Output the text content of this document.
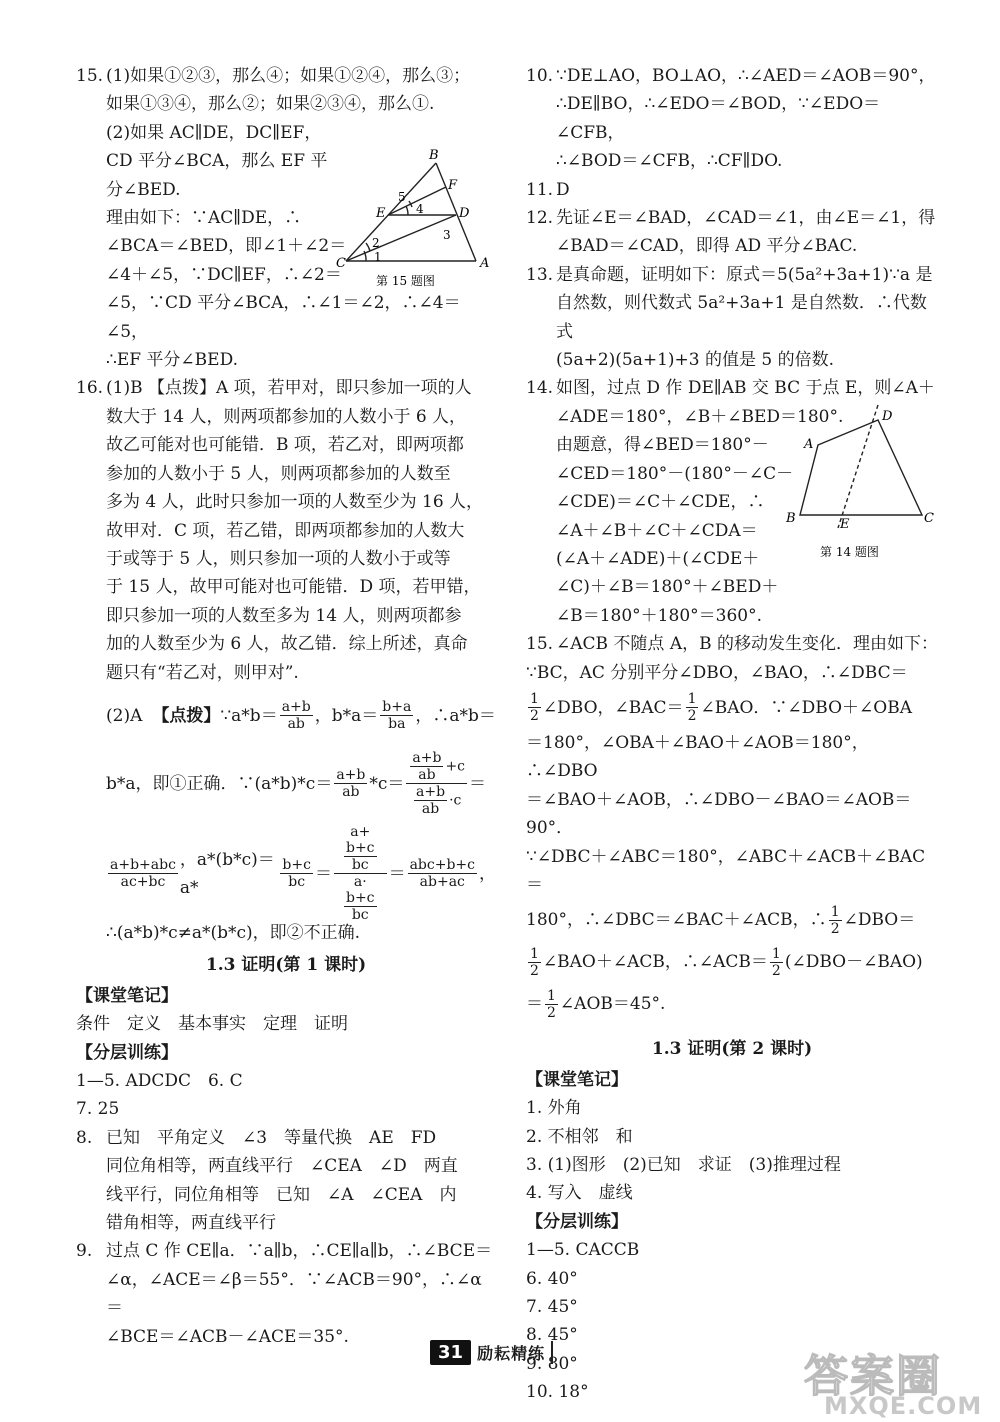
15. (1)如果①②③，那么④；如果①②④，那么③；
如果①③④，那么②；如果②③④，那么①.
(2)如果 AC∥DE，DC∥EF，
CD 平分∠BCA，那么 EF 平
分∠BED.
理由如下：∵AC∥DE，∴
∠BCA＝∠BED，即∠1＋∠2＝
∠4＋∠5，∵DC∥EF，∴∠2＝
∠5，∵CD 平分∠BCA，∴∠1＝∠2，∴∠4＝∠5，
∴EF 平分∠BED.
16. (1)B 【点拨】A 项，若甲对，即只参加一项的人
数大于 14 人，则两项都参加的人数小于 6 人，
故乙可能对也可能错．B 项，若乙对，即两项都
参加的人数小于 5 人，则两项都参加的人数至
多为 4 人，此时只参加一项的人数至少为 16 人，
故甲对．C 项，若乙错，即两项都参加的人数大
于或等于 5 人，则只参加一项的人数小于或等
于 15 人，故甲可能对也可能错．D 项，若甲错，
即只参加一项的人数至多为 14 人，则两项都参
加的人数至少为 6 人，故乙错．综上所述，真命
题只有“若乙对，则甲对”.
(2)A 【点拨】 ∵a*b＝ $\frac{a+b}{ab}$ ，$b*a= \frac{b+a}{ba}$ ，∴a*b＝
b*a，即①正确．∵(a*b)*c＝ $\frac{a+b}{ab} *c= \frac{\frac{a+b}{ab} +c}{\frac{a+b}{ab} \cdot c}$ ＝
$\frac{\text{a+b+abc}}{ac+bc}$ ，a*(b*c)＝a*	$\frac{b+c}{bc} = a+$
$\frac{b+c}{bc}$
a·
$\frac{b+c}{bc} = \frac{\text{abc+b+c}}{ab+ac}$ ，
∴(a*b)*c≠a*(b*c)，即②不正确.
1.3 证明(第 1 课时)
【课堂笔记】
条件　定义　基本事实　定理　证明
【分层训练】
1—5. ADCDC　6. C
7. 25
8. 已知　平角定义　∠3　等量代换　AE　FD
同位角相等，两直线平行　∠CEA　∠D　两直
线平行，同位角相等　已知　∠A　∠CEA　内
错角相等，两直线平行
9. 过点 C 作 CE∥a．∵a∥b，∴CE∥a∥b，∴∠BCE＝
∠α，∠ACE＝∠β＝55°．∵∠ACB＝90°，∴∠α＝
∠BCE＝∠ACB－∠ACE＝35°.
B
F
E
5
4	D
3
2
1
C	A
第 15 题图
10. ∵DE⊥AO，BO⊥AO，∴∠AED＝∠AOB＝90°，
∴DE∥BO，∴∠EDO＝∠BOD，∵∠EDO＝∠CFB，
∴∠BOD＝∠CFB，∴CF∥DO.
11. D
12. 先证∠E＝∠BAD，∠CAD＝∠1，由∠E＝∠1，得
∠BAD＝∠CAD，即得 AD 平分∠BAC.
13. 是真命题，证明如下：原式＝5(5a²+3a+1)∵a 是
自然数，则代数式 5a²+3a+1 是自然数．∴代数式
(5a+2)(5a+1)+3 的值是 5 的倍数.
14. 如图，过点 D 作 DE∥AB 交 BC 于点 E，则∠A＋
∠ADE＝180°，∠B＋∠BED＝180°.
由题意，得∠BED＝180°－
∠CED＝180°－(180°－∠C－
∠CDE)＝∠C＋∠CDE，∴
∠A＋∠B＋∠C＋∠CDA＝
(∠A＋∠ADE)＋(∠CDE＋
∠C)＋∠B＝180°＋∠BED＋
∠B＝180°＋180°＝360°.
15. ∠ACB 不随点 A，B 的移动发生变化．理由如下：
∵BC，AC 分别平分∠DBO，∠BAO，∴∠DBC＝
$\frac{1}{2}$ ∠DBO，∠BAC＝ $\frac{1}{2}$ ∠BAO．∵∠DBO＋∠OBA
＝180°，∠OBA＋∠BAO＋∠AOB＝180°，∴∠DBO
＝∠BAO＋∠AOB，∴∠DBO－∠BAO＝∠AOB＝90°．
∵∠DBC＋∠ABC＝180°，∠ABC＋∠ACB＋∠BAC＝
180°，∴∠DBC＝∠BAC＋∠ACB，∴ $\frac{1}{2}$ ∠DBO＝
$\frac{1}{2}$ ∠BAO＋∠ACB，∴∠ACB＝ $\frac{1}{2}$ (∠DBO－∠BAO)
＝ $\frac{1}{2}$ ∠AOB＝45°.
1.3 证明(第 2 课时)
【课堂笔记】
1. 外角
2. 不相邻　和
3. (1)图形　(2)已知　求证　(3)推理过程
4. 写入　虚线
【分层训练】
1—5. CACCB
6. 40°
7. 45°
8. 45°
9. 80°
10. 18°
D
A
B	E	C
第 14 题图
31 励耘精练	答案圈
MXQE.COM
